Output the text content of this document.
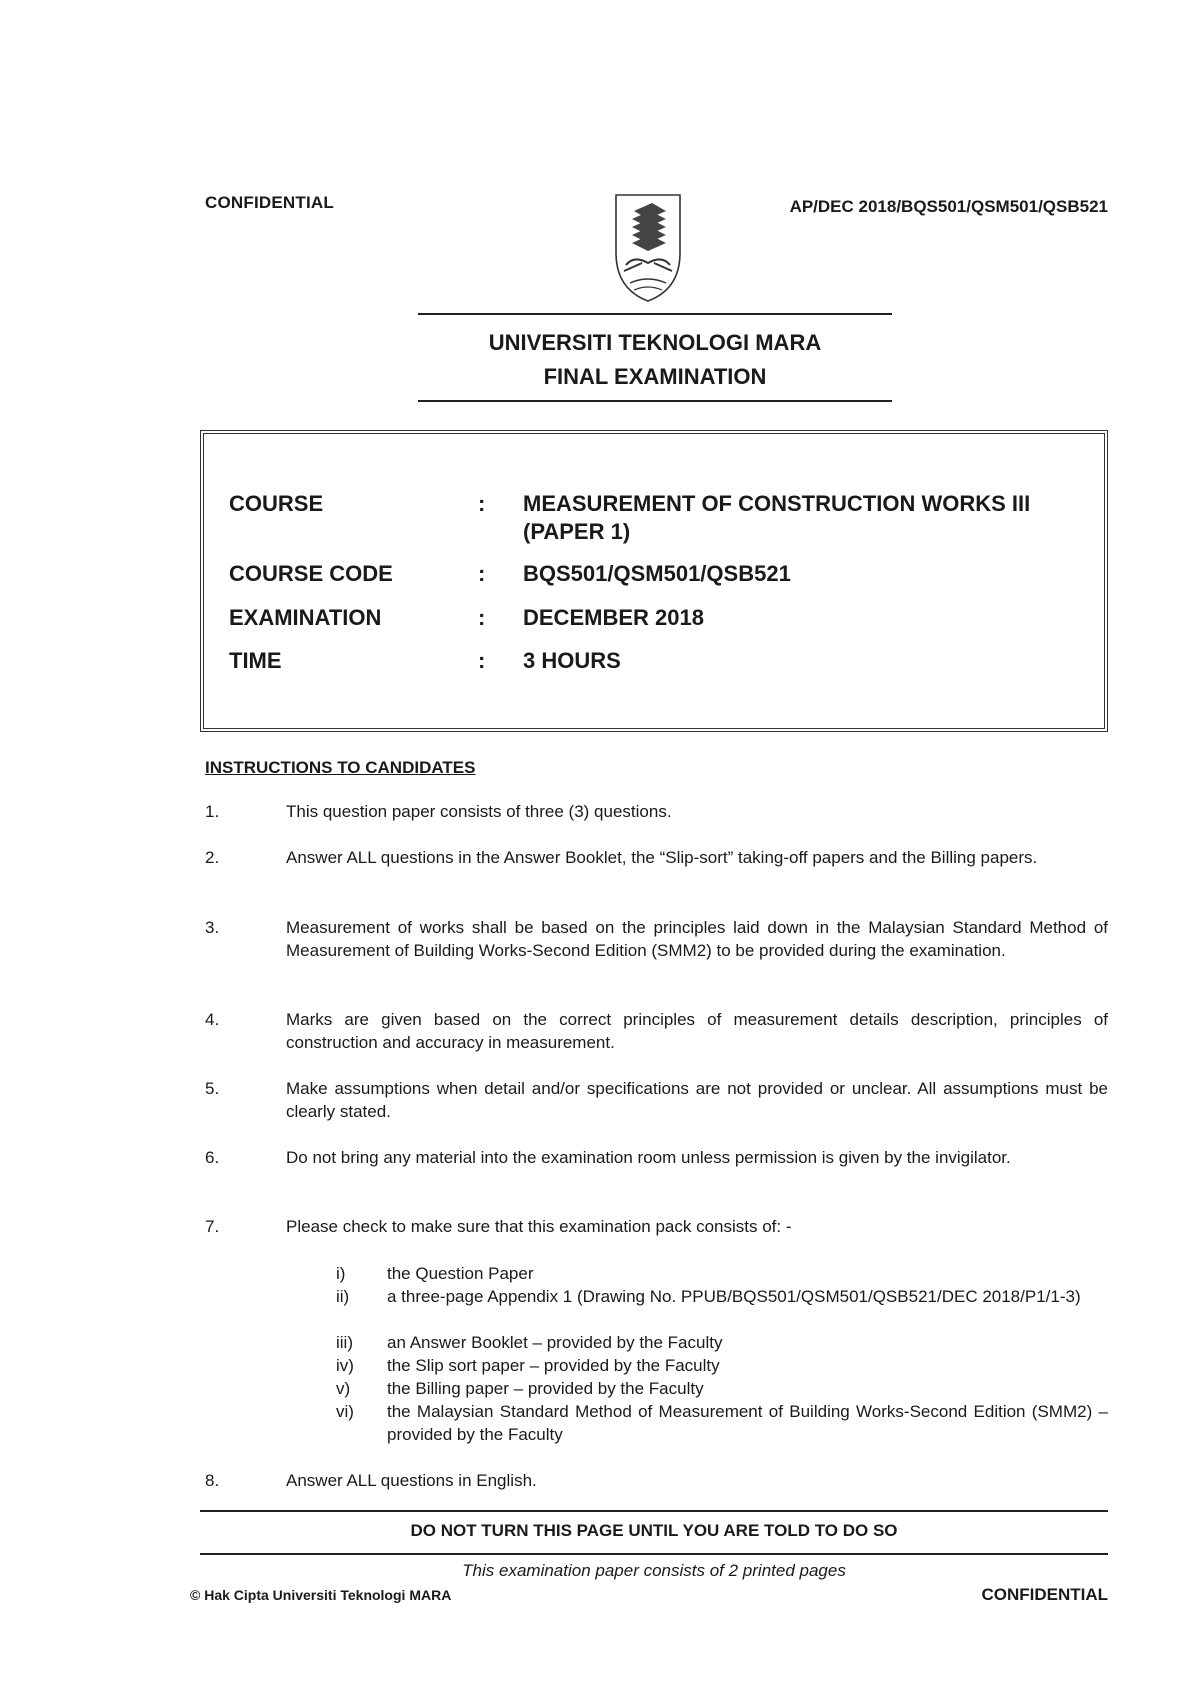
CONFIDENTIAL	AP/DEC 2018/BQS501/QSM501/QSB521
UNIVERSITI TEKNOLOGI MARA
FINAL EXAMINATION
COURSE	: MEASUREMENT OF CONSTRUCTION WORKS III (PAPER 1)
COURSE CODE	: BQS501/QSM501/QSB521
EXAMINATION	: DECEMBER 2018
TIME	: 3 HOURS
INSTRUCTIONS TO CANDIDATES
1.	This question paper consists of three (3) questions.
2.	Answer ALL questions in the Answer Booklet, the “Slip-sort” taking-off papers and the Billing papers.
3.	Measurement of works shall be based on the principles laid down in the Malaysian Standard Method of Measurement of Building Works-Second Edition (SMM2) to be provided during the examination.
4.	Marks are given based on the correct principles of measurement details description, principles of construction and accuracy in measurement.
5.	Make assumptions when detail and/or specifications are not provided or unclear. All assumptions must be clearly stated.
6.	Do not bring any material into the examination room unless permission is given by the invigilator.
7.	Please check to make sure that this examination pack consists of: -
i) the Question Paper
ii) a three-page Appendix 1 (Drawing No. PPUB/BQS501/QSM501/QSB521/DEC 2018/P1/1-3)
iii) an Answer Booklet – provided by the Faculty
iv) the Slip sort paper – provided by the Faculty
v) the Billing paper – provided by the Faculty
vi) the Malaysian Standard Method of Measurement of Building Works-Second Edition (SMM2) – provided by the Faculty
8.	Answer ALL questions in English.
DO NOT TURN THIS PAGE UNTIL YOU ARE TOLD TO DO SO
This examination paper consists of 2 printed pages
© Hak Cipta Universiti Teknologi MARA	CONFIDENTIAL
